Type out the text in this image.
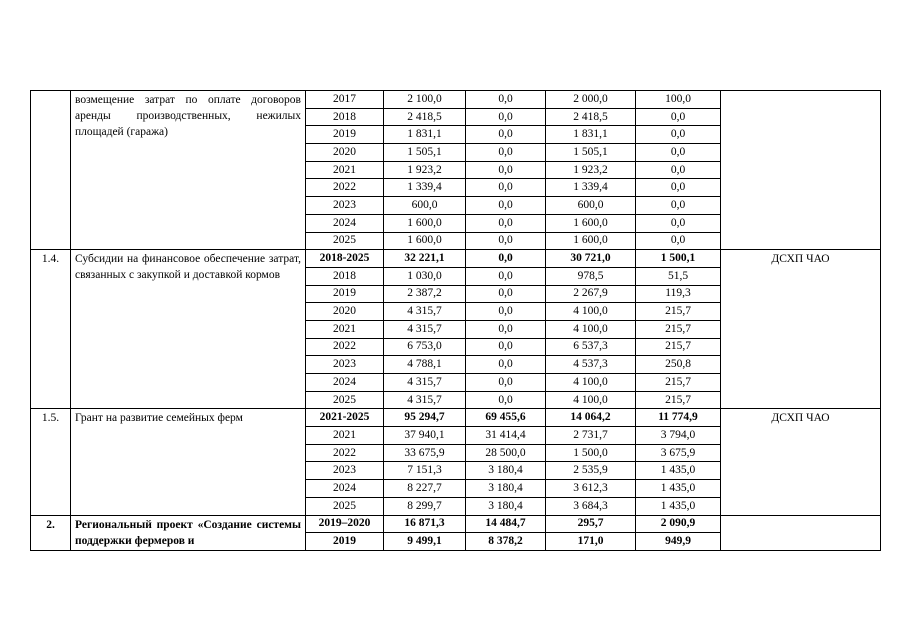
	возмещение затрат по оплате договоров аренды производственных, нежилых площадей (гаража)	2017	2 100,0	0,0	2 000,0	100,0	
		2018	2 418,5	0,0	2 418,5	0,0	
		2019	1 831,1	0,0	1 831,1	0,0	
		2020	1 505,1	0,0	1 505,1	0,0	
		2021	1 923,2	0,0	1 923,2	0,0	
		2022	1 339,4	0,0	1 339,4	0,0	
		2023	600,0	0,0	600,0	0,0	
		2024	1 600,0	0,0	1 600,0	0,0	
		2025	1 600,0	0,0	1 600,0	0,0	
1.4.	Субсидии на финансовое обеспечение затрат, связанных с закупкой и доставкой кормов	2018-2025	32 221,1	0,0	30 721,0	1 500,1	ДСХП ЧАО
		2018	1 030,0	0,0	978,5	51,5	
		2019	2 387,2	0,0	2 267,9	119,3	
		2020	4 315,7	0,0	4 100,0	215,7	
		2021	4 315,7	0,0	4 100,0	215,7	
		2022	6 753,0	0,0	6 537,3	215,7	
		2023	4 788,1	0,0	4 537,3	250,8	
		2024	4 315,7	0,0	4 100,0	215,7	
		2025	4 315,7	0,0	4 100,0	215,7	
1.5.	Грант на развитие семейных ферм	2021-2025	95 294,7	69 455,6	14 064,2	11 774,9	ДСХП ЧАО
		2021	37 940,1	31 414,4	2 731,7	3 794,0	
		2022	33 675,9	28 500,0	1 500,0	3 675,9	
		2023	7 151,3	3 180,4	2 535,9	1 435,0	
		2024	8 227,7	3 180,4	3 612,3	1 435,0	
		2025	8 299,7	3 180,4	3 684,3	1 435,0	
2.	Региональный проект «Создание системы поддержки фермеров и	2019–2020	16 871,3	14 484,7	295,7	2 090,9	
		2019	9 499,1	8 378,2	171,0	949,9	
